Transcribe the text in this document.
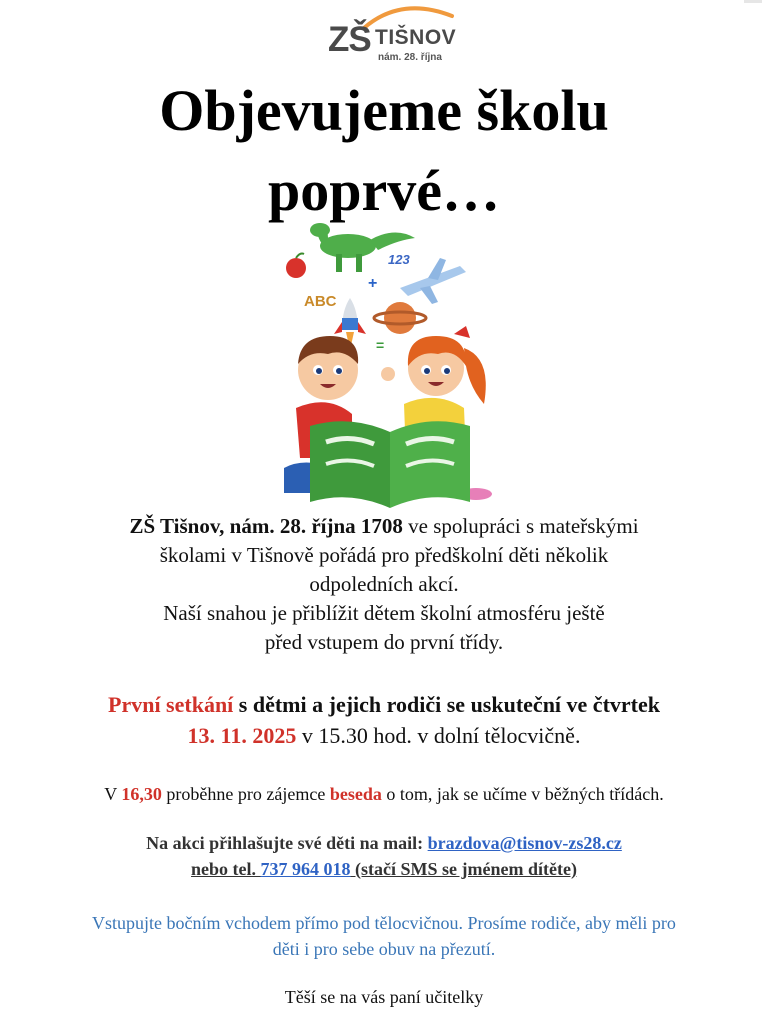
ZŠ TIŠNOV
nám. 28. října
Objevujeme školu
poprvé…
123
+
ABC
=
ZŠ Tišnov, nám. 28. října 1708 ve spolupráci s mateřskými
školami v Tišnově pořádá pro předškolní děti několik
odpoledních akcí.
Naší snahou je přiblížit dětem školní atmosféru ještě
před vstupem do první třídy.
První setkání s dětmi a jejich rodiči se uskuteční ve čtvrtek
13. 11. 2025 v 15.30 hod. v dolní tělocvičně.
V 16,30 proběhne pro zájemce beseda o tom, jak se učíme v běžných třídách.
Na akci přihlašujte své děti na mail: brazdova@tisnov-zs28.cz
nebo tel. 737 964 018 (stačí SMS se jménem dítěte)
Vstupujte bočním vchodem přímo pod tělocvičnou. Prosíme rodiče, aby měli pro
děti i pro sebe obuv na přezutí.
Těší se na vás paní učitelky
